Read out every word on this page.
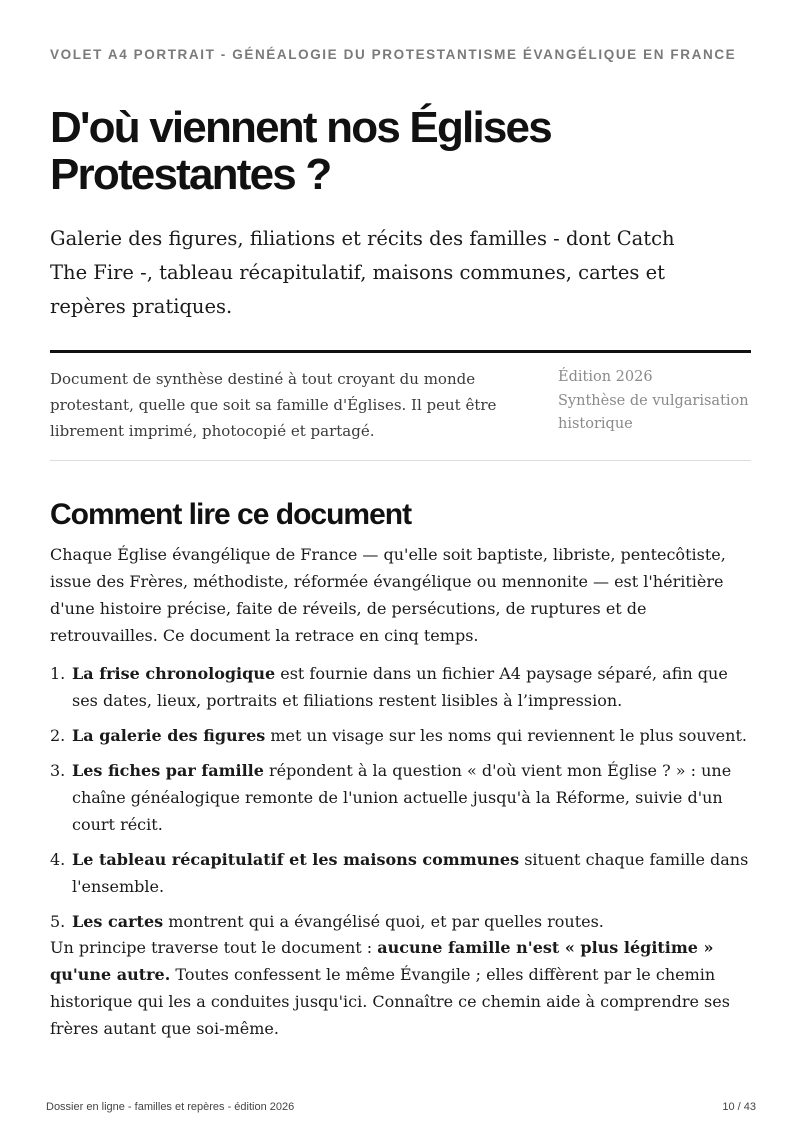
VOLET A4 PORTRAIT - GÉNÉALOGIE DU PROTESTANTISME ÉVANGÉLIQUE EN FRANCE
D'où viennent nos Églises Protestantes ?

Galerie des figures, filiations et récits des familles - dont Catch The Fire -, tableau récapitulatif, maisons communes, cartes et repères pratiques.

Document de synthèse destiné à tout croyant du monde protestant, quelle que soit sa famille d'Églises. Il peut être librement imprimé, photocopié et partagé.

Édition 2026
Synthèse de vulgarisation historique

Comment lire ce document

Chaque Église évangélique de France — qu'elle soit baptiste, libriste, pentecôtiste, issue des Frères, méthodiste, réformée évangélique ou mennonite — est l'héritière d'une histoire précise, faite de réveils, de persécutions, de ruptures et de retrouvailles. Ce document la retrace en cinq temps.

1. La frise chronologique est fournie dans un fichier A4 paysage séparé, afin que ses dates, lieux, portraits et filiations restent lisibles à l’impression.
2. La galerie des figures met un visage sur les noms qui reviennent le plus souvent.
3. Les fiches par famille répondent à la question « d'où vient mon Église ? » : une chaîne généalogique remonte de l'union actuelle jusqu'à la Réforme, suivie d'un court récit.
4. Le tableau récapitulatif et les maisons communes situent chaque famille dans l'ensemble.
5. Les cartes montrent qui a évangélisé quoi, et par quelles routes.

Un principe traverse tout le document : aucune famille n'est « plus légitime » qu'une autre. Toutes confessent le même Évangile ; elles diffèrent par le chemin historique qui les a conduites jusqu'ici. Connaître ce chemin aide à comprendre ses frères autant que soi-même.

Dossier en ligne - familles et repères - édition 2026	10 / 43
